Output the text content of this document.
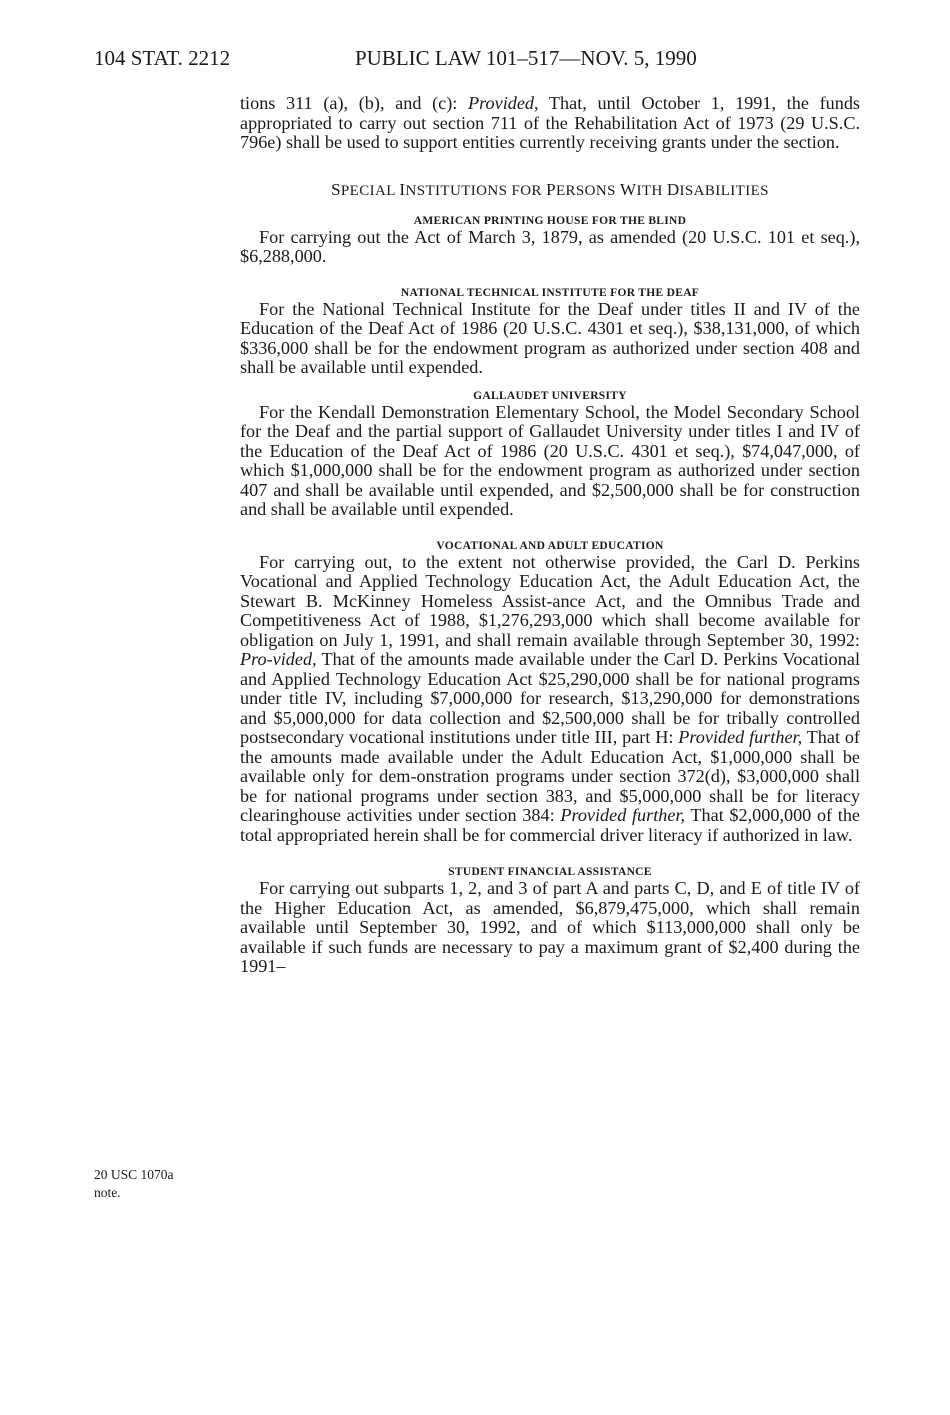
104 STAT. 2212	PUBLIC LAW 101–517—NOV. 5, 1990

tions 311 (a), (b), and (c): Provided, That, until October 1, 1991, the funds appropriated to carry out section 711 of the Rehabilitation Act of 1973 (29 U.S.C. 796e) shall be used to support entities currently receiving grants under the section.

SPECIAL INSTITUTIONS FOR PERSONS WITH DISABILITIES
AMERICAN PRINTING HOUSE FOR THE BLIND

For carrying out the Act of March 3, 1879, as amended (20 U.S.C. 101 et seq.), $6,288,000.

NATIONAL TECHNICAL INSTITUTE FOR THE DEAF

For the National Technical Institute for the Deaf under titles II and IV of the Education of the Deaf Act of 1986 (20 U.S.C. 4301 et seq.), $38,131,000, of which $336,000 shall be for the endowment program as authorized under section 408 and shall be available until expended.

GALLAUDET UNIVERSITY

For the Kendall Demonstration Elementary School, the Model Secondary School for the Deaf and the partial support of Gallaudet University under titles I and IV of the Education of the Deaf Act of 1986 (20 U.S.C. 4301 et seq.), $74,047,000, of which $1,000,000 shall be for the endowment program as authorized under section 407 and shall be available until expended, and $2,500,000 shall be for construction and shall be available until expended.

VOCATIONAL AND ADULT EDUCATION

For carrying out, to the extent not otherwise provided, the Carl D. Perkins Vocational and Applied Technology Education Act, the Adult Education Act, the Stewart B. McKinney Homeless Assist-ance Act, and the Omnibus Trade and Competitiveness Act of 1988, $1,276,293,000 which shall become available for obligation on July 1, 1991, and shall remain available through September 30, 1992: Pro-vided, That of the amounts made available under the Carl D. Perkins Vocational and Applied Technology Education Act $25,290,000 shall be for national programs under title IV, including $7,000,000 for research, $13,290,000 for demonstrations and $5,000,000 for data collection and $2,500,000 shall be for tribally controlled postsecondary vocational institutions under title III, part H: Provided further, That of the amounts made available under the Adult Education Act, $1,000,000 shall be available only for dem-onstration programs under section 372(d), $3,000,000 shall be for national programs under section 383, and $5,000,000 shall be for literacy clearinghouse activities under section 384: Provided further, That $2,000,000 of the total appropriated herein shall be for commercial driver literacy if authorized in law.

STUDENT FINANCIAL ASSISTANCE

For carrying out subparts 1, 2, and 3 of part A and parts C, D, and E of title IV of the Higher Education Act, as amended, $6,879,475,000, which shall remain available until September 30, 1992, and of which $113,000,000 shall only be available if such funds are necessary to pay a maximum grant of $2,400 during the 1991–

20 USC 1070a
note.
